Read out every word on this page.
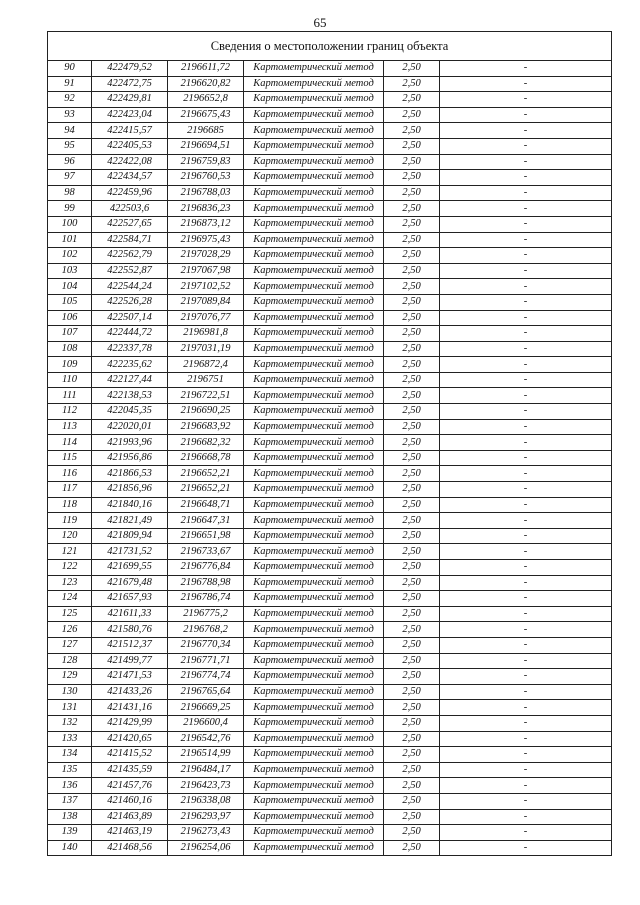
65
Сведения о местоположении границ объекта					
90	422479,52	2196611,72	Картометрический метод	2,50	-
91	422472,75	2196620,82	Картометрический метод	2,50	-
92	422429,81	2196652,8	Картометрический метод	2,50	-
93	422423,04	2196675,43	Картометрический метод	2,50	-
94	422415,57	2196685	Картометрический метод	2,50	-
95	422405,53	2196694,51	Картометрический метод	2,50	-
96	422422,08	2196759,83	Картометрический метод	2,50	-
97	422434,57	2196760,53	Картометрический метод	2,50	-
98	422459,96	2196788,03	Картометрический метод	2,50	-
99	422503,6	2196836,23	Картометрический метод	2,50	-
100	422527,65	2196873,12	Картометрический метод	2,50	-
101	422584,71	2196975,43	Картометрический метод	2,50	-
102	422562,79	2197028,29	Картометрический метод	2,50	-
103	422552,87	2197067,98	Картометрический метод	2,50	-
104	422544,24	2197102,52	Картометрический метод	2,50	-
105	422526,28	2197089,84	Картометрический метод	2,50	-
106	422507,14	2197076,77	Картометрический метод	2,50	-
107	422444,72	2196981,8	Картометрический метод	2,50	-
108	422337,78	2197031,19	Картометрический метод	2,50	-
109	422235,62	2196872,4	Картометрический метод	2,50	-
110	422127,44	2196751	Картометрический метод	2,50	-
111	422138,53	2196722,51	Картометрический метод	2,50	-
112	422045,35	2196690,25	Картометрический метод	2,50	-
113	422020,01	2196683,92	Картометрический метод	2,50	-
114	421993,96	2196682,32	Картометрический метод	2,50	-
115	421956,86	2196668,78	Картометрический метод	2,50	-
116	421866,53	2196652,21	Картометрический метод	2,50	-
117	421856,96	2196652,21	Картометрический метод	2,50	-
118	421840,16	2196648,71	Картометрический метод	2,50	-
119	421821,49	2196647,31	Картометрический метод	2,50	-
120	421809,94	2196651,98	Картометрический метод	2,50	-
121	421731,52	2196733,67	Картометрический метод	2,50	-
122	421699,55	2196776,84	Картометрический метод	2,50	-
123	421679,48	2196788,98	Картометрический метод	2,50	-
124	421657,93	2196786,74	Картометрический метод	2,50	-
125	421611,33	2196775,2	Картометрический метод	2,50	-
126	421580,76	2196768,2	Картометрический метод	2,50	-
127	421512,37	2196770,34	Картометрический метод	2,50	-
128	421499,77	2196771,71	Картометрический метод	2,50	-
129	421471,53	2196774,74	Картометрический метод	2,50	-
130	421433,26	2196765,64	Картометрический метод	2,50	-
131	421431,16	2196669,25	Картометрический метод	2,50	-
132	421429,99	2196600,4	Картометрический метод	2,50	-
133	421420,65	2196542,76	Картометрический метод	2,50	-
134	421415,52	2196514,99	Картометрический метод	2,50	-
135	421435,59	2196484,17	Картометрический метод	2,50	-
136	421457,76	2196423,73	Картометрический метод	2,50	-
137	421460,16	2196338,08	Картометрический метод	2,50	-
138	421463,89	2196293,97	Картометрический метод	2,50	-
139	421463,19	2196273,43	Картометрический метод	2,50	-
140	421468,56	2196254,06	Картометрический метод	2,50	-
